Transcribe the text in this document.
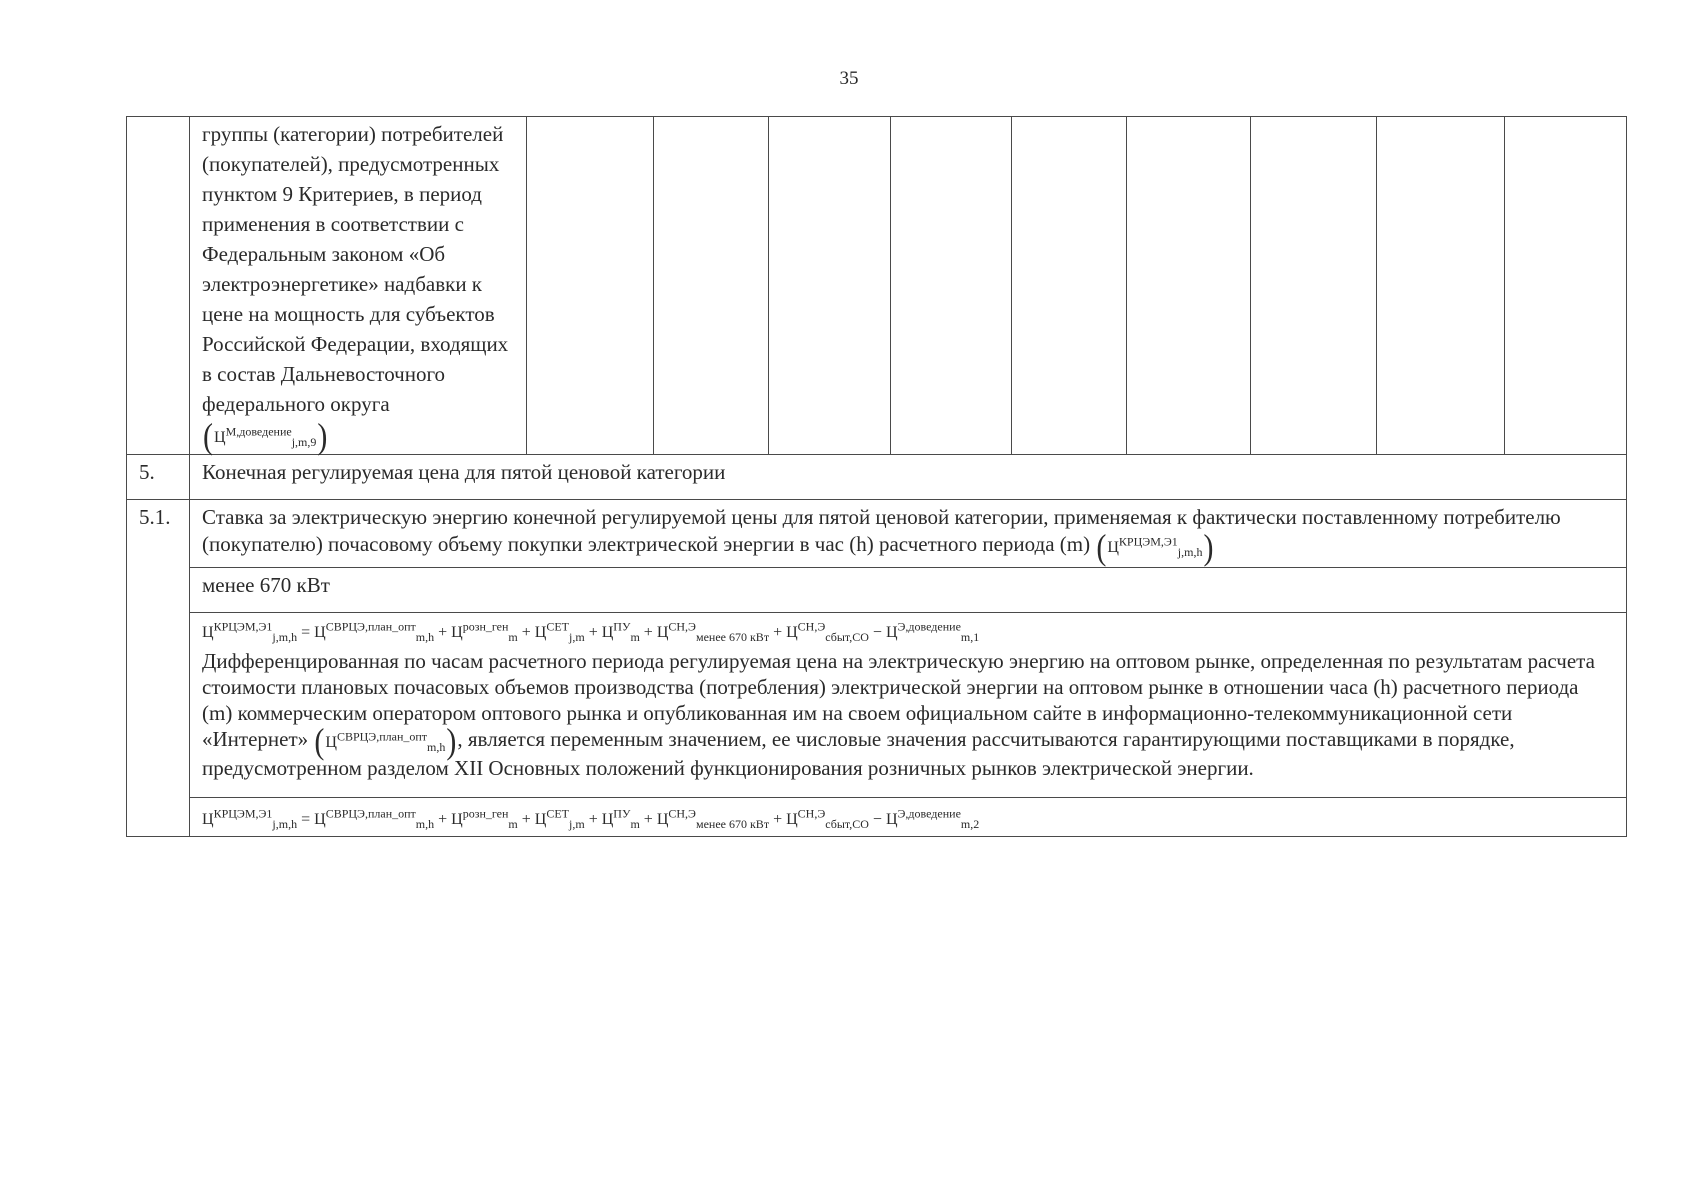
35
	группы (категории) потребителей (покупателей), предусмотренных пунктом 9 Критериев, в период применения в соответствии с Федеральным законом «Об электроэнергетике» надбавки к цене на мощность для субъектов Российской Федерации, входящих в состав Дальневосточного федерального округа $(Ц^{М,доведение}_{j,m,9})$									
5.	Конечная регулируемая цена для пятой ценовой категории									
5.1.	Ставка за электрическую энергию конечной регулируемой цены для пятой ценовой категории, применяемая к фактически поставленному потребителю (покупателю) почасовому объему покупки электрической энергии в час (h) расчетного периода (m) $(Ц^{КРЦЭМ,Э1}_{j,m,h})$									
	менее 670 кВт									
	$Ц^{КРЦЭМ,Э1}_{j,m,h} = Ц^{СВРЦЭ,план\_опт}_{m,h} + Ц^{розн\_ген}_m + Ц^{СЕТ}_{j,m} + Ц^{ПУ}_m + Ц^{СН,Э}_{менее 670 кВт} + Ц^{СН,Э}_{сбыт,СО} - Ц^{Э,доведение}_{m,1}$
Дифференцированная по часам расчетного периода регулируемая цена на электрическую энергию на оптовом рынке, определенная по результатам расчета стоимости плановых почасовых объемов производства (потребления) электрической энергии на оптовом рынке в отношении часа (h) расчетного периода (m) коммерческим оператором оптового рынка и опубликованная им на своем официальном сайте в информационно-телекоммуникационной сети «Интернет» $(Ц^{СВРЦЭ,план\_опт}_{m,h})$, является переменным значением, ее числовые значения рассчитываются гарантирующими поставщиками в порядке, предусмотренном разделом XII Основных положений функционирования розничных рынков электрической энергии.									

	$Ц^{КРЦЭМ,Э1}_{j,m,h} = Ц^{СВРЦЭ,план\_опт}_{m,h} + Ц^{розн\_ген}_m + Ц^{СЕТ}_{j,m} + Ц^{ПУ}_m + Ц^{СН,Э}_{менее 670 кВт} + Ц^{СН,Э}_{сбыт,СО} - Ц^{Э,доведение}_{m,2}$
